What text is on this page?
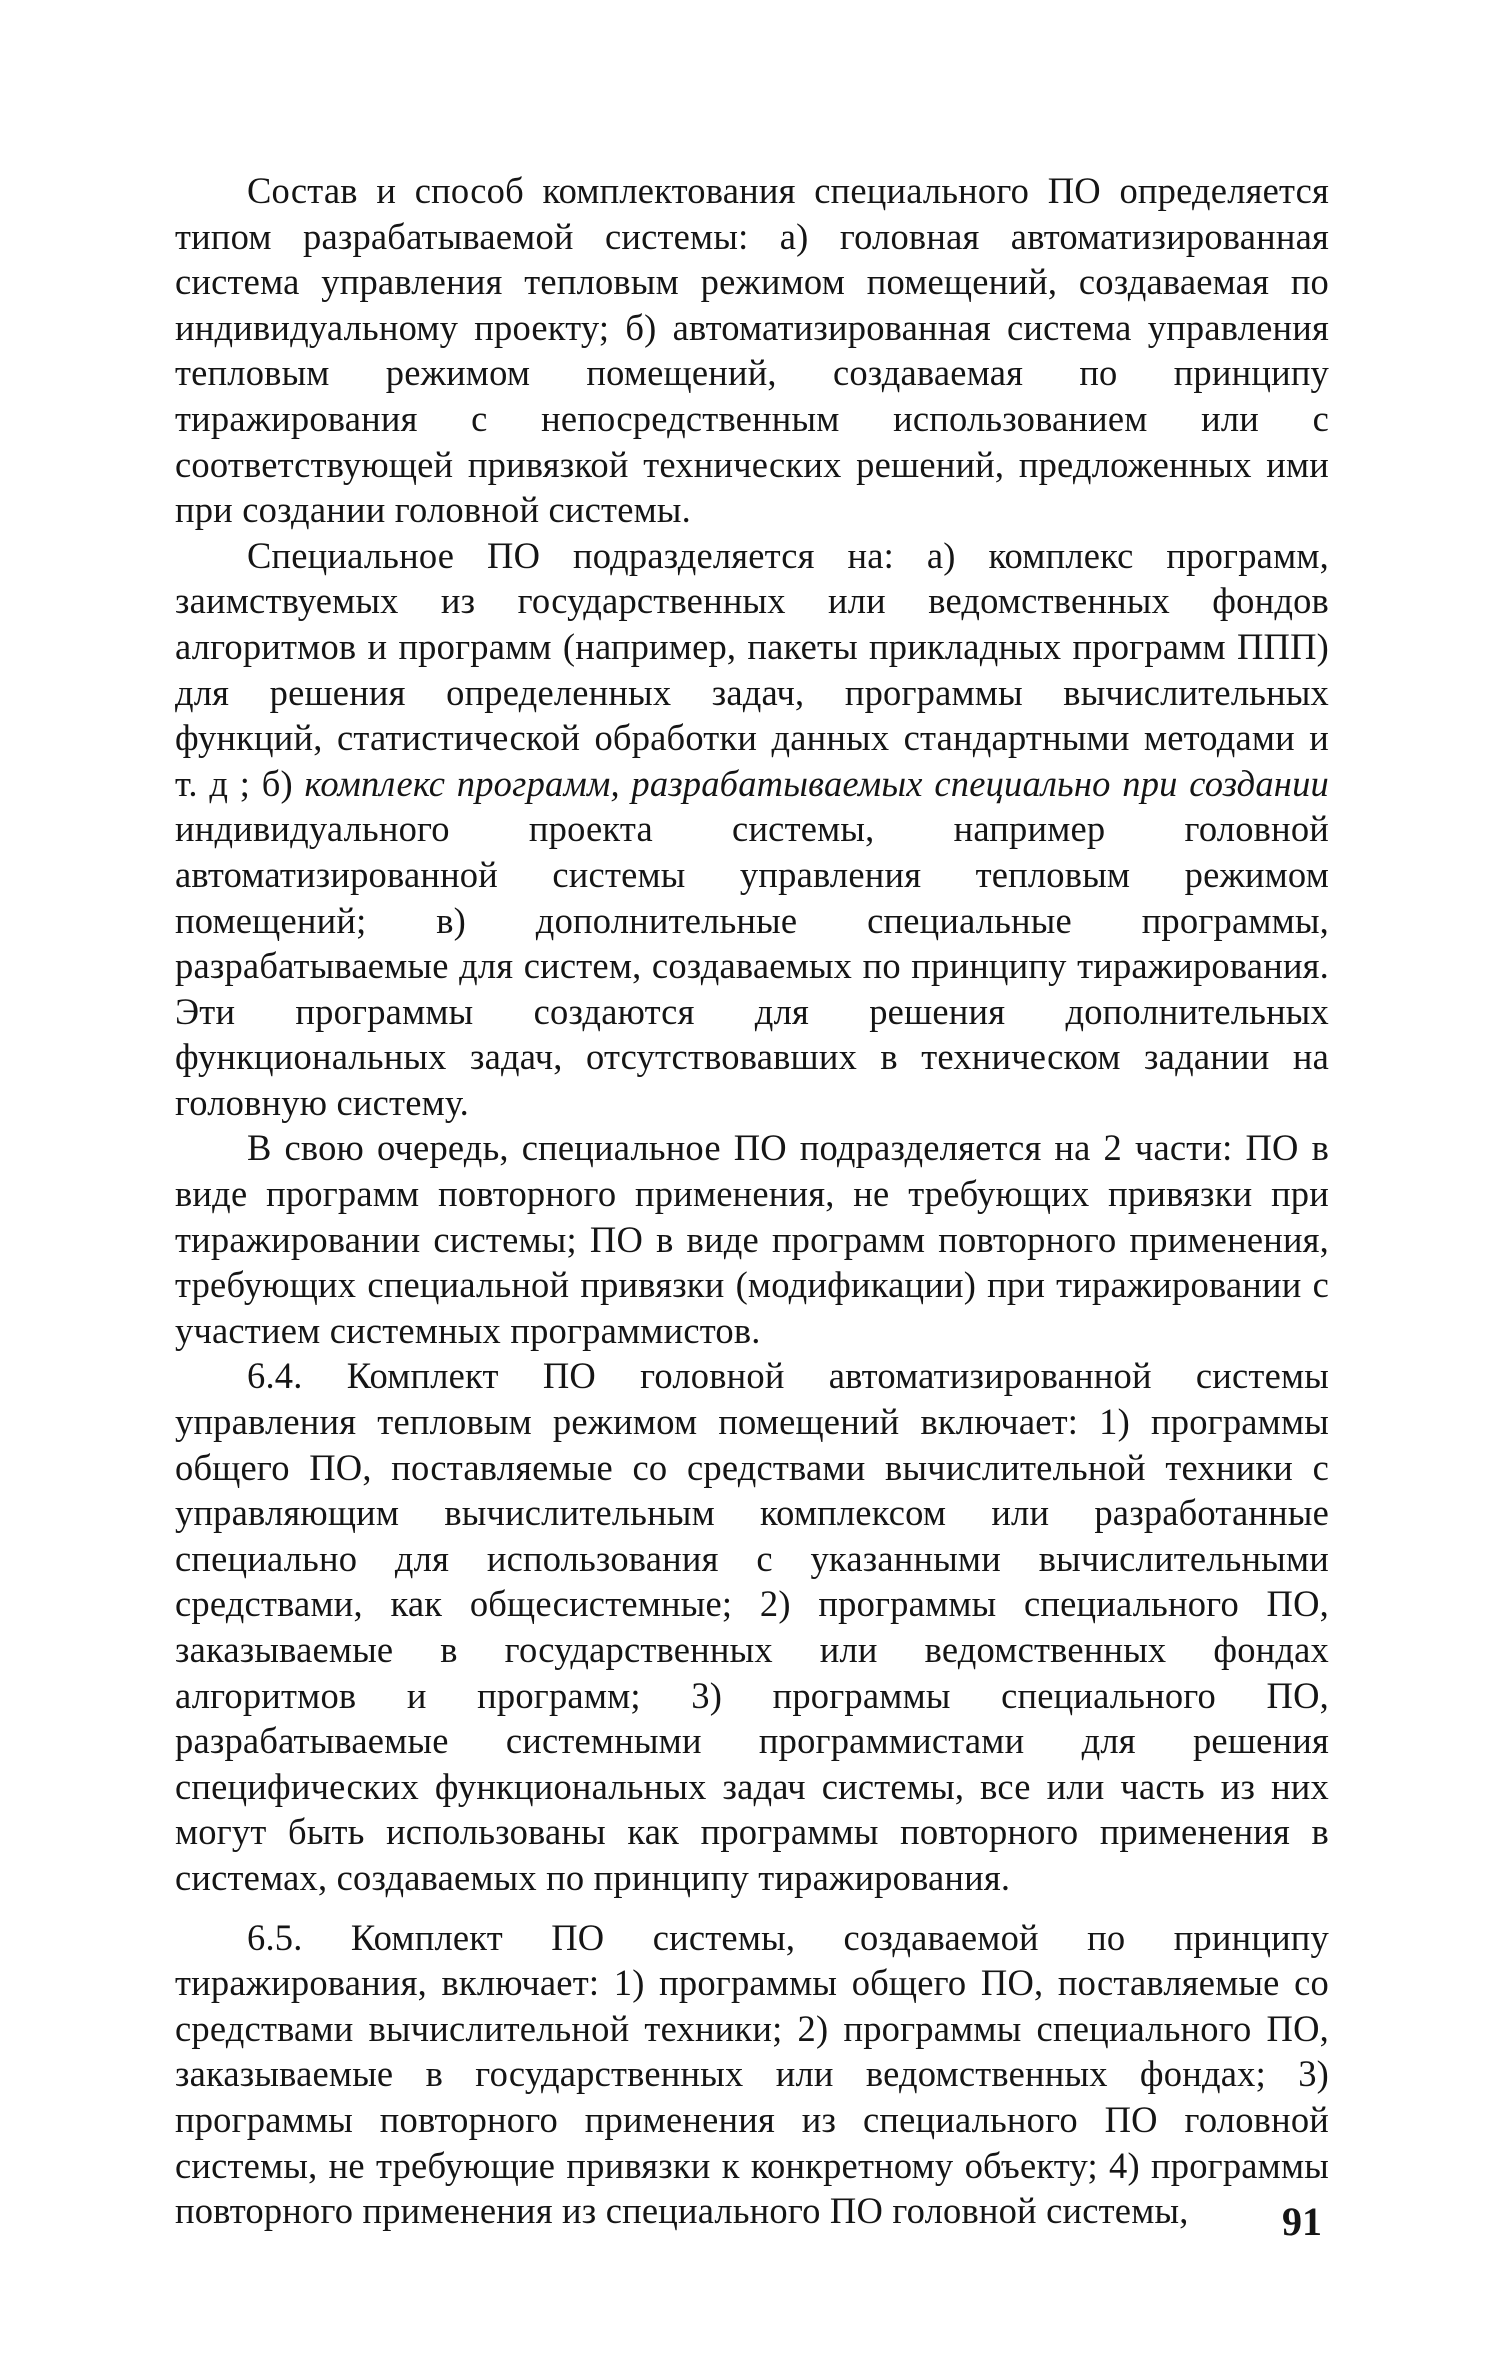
Состав и способ комплектования специального ПО определяется типом разрабатываемой системы: а) головная автоматизированная система управления тепловым режимом помещений, создаваемая по индивидуальному проекту; б) автоматизированная система управления тепловым режимом помещений, создаваемая по принципу тиражирования с непосредственным использованием или с соответствующей привязкой технических решений, предложенных ими при создании головной системы.

Специальное ПО подразделяется на: а) комплекс программ, заимствуемых из государственных или ведомственных фондов алгоритмов и программ (например, пакеты прикладных программ ППП) для решения определенных задач, программы вычислительных функций, статистической обработки данных стандартными методами и т. д ; б) комплекс программ, разрабатываемых специально при создании индивидуального проекта системы, например головной автоматизированной системы управления тепловым режимом помещений; в) дополнительные специальные программы, разрабатываемые для систем, создаваемых по принципу тиражирования. Эти программы создаются для решения дополнительных функциональных задач, отсутствовавших в техническом задании на головную систему.

В свою очередь, специальное ПО подразделяется на 2 части: ПО в виде программ повторного применения, не требующих привязки при тиражировании системы; ПО в виде программ повторного применения, требующих специальной привязки (модификации) при тиражировании с участием системных программистов.

6.4. Комплект ПО головной автоматизированной системы управления тепловым режимом помещений включает: 1) программы общего ПО, поставляемые со средствами вычислительной техники с управляющим вычислительным комплексом или разработанные специально для использования с указанными вычислительными средствами, как общесистемные; 2) программы специального ПО, заказываемые в государственных или ведомственных фондах алгоритмов и программ; 3) программы специального ПО, разрабатываемые системными программистами для решения специфических функциональных задач системы, все или часть из них могут быть использованы как программы повторного применения в системах, создаваемых по принципу тиражирования.

6.5. Комплект ПО системы, создаваемой по принципу тиражирования, включает: 1) программы общего ПО, поставляемые со средствами вычислительной техники; 2) программы специального ПО, заказываемые в государственных или ведомственных фондах; 3) программы повторного применения из специального ПО головной системы, не требующие привязки к конкретному объекту; 4) программы повторного применения из специального ПО головной системы,	91
